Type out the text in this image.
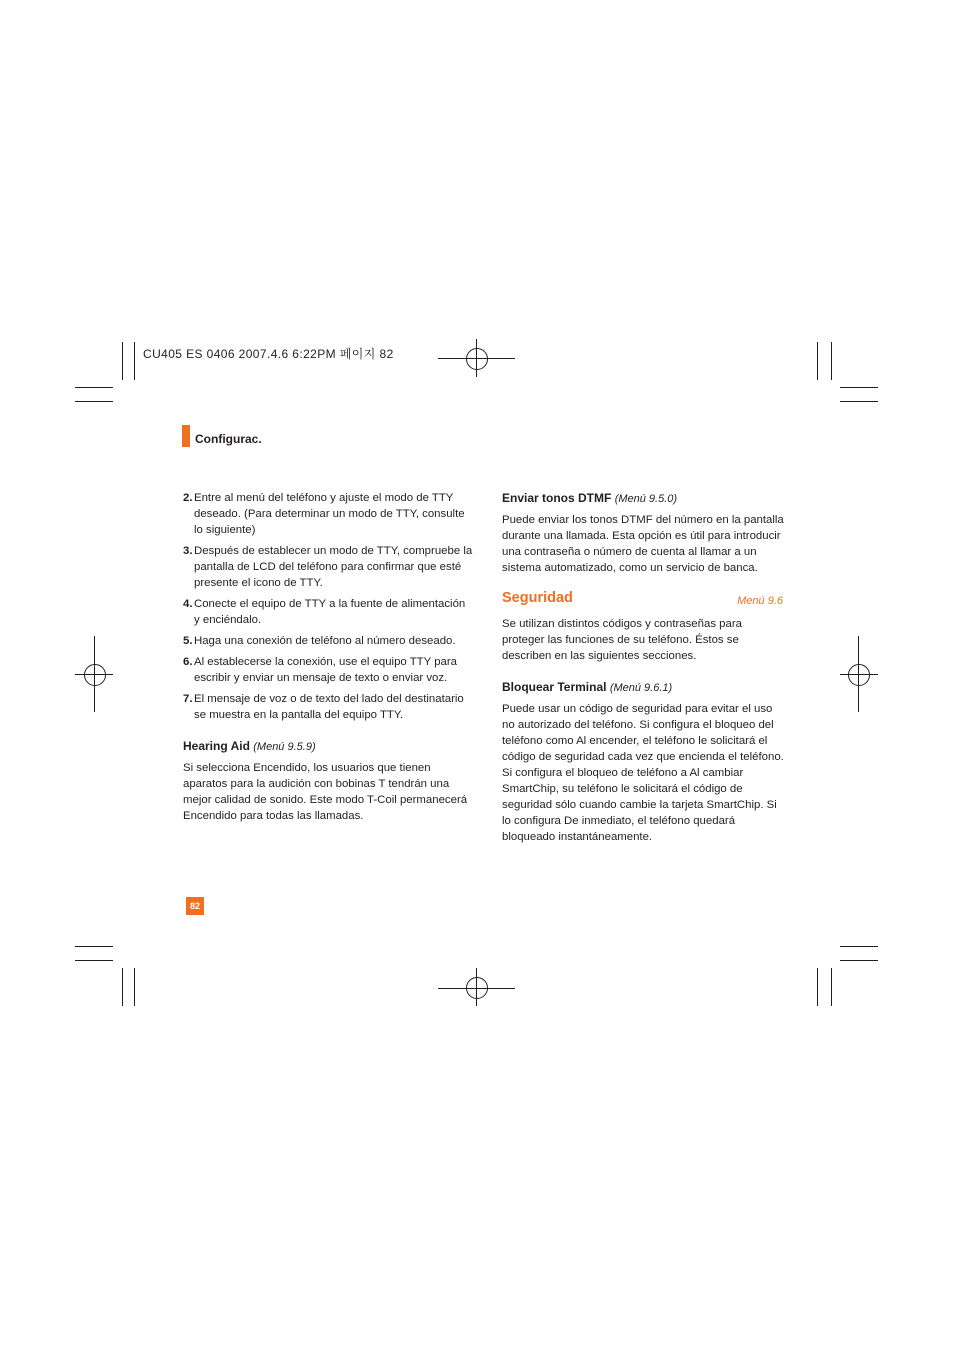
CU405 ES 0406 2007.4.6 6:22PM 페이지 82
Configurac.
2. Entre al menú del teléfono y ajuste el modo de TTY deseado. (Para determinar un modo de TTY, consulte lo siguiente)
3. Después de establecer un modo de TTY, compruebe la pantalla de LCD del teléfono para confirmar que esté presente el icono de TTY.
4. Conecte el equipo de TTY a la fuente de alimentación y enciéndalo.
5. Haga una conexión de teléfono al número deseado.
6. Al establecerse la conexión, use el equipo TTY para escribir y enviar un mensaje de texto o enviar voz.
7. El mensaje de voz o de texto del lado del destinatario se muestra en la pantalla del equipo TTY.
Hearing Aid (Menú 9.5.9)

Si selecciona Encendido, los usuarios que tienen aparatos para la audición con bobinas T tendrán una mejor calidad de sonido. Este modo T-Coil permanecerá Encendido para todas las llamadas.

Enviar tonos DTMF (Menú 9.5.0)

Puede enviar los tonos DTMF del número en la pantalla durante una llamada. Esta opción es útil para introducir una contraseña o número de cuenta al llamar a un sistema automatizado, como un servicio de banca.

Seguridad	Menú 9.6

Se utilizan distintos códigos y contraseñas para proteger las funciones de su teléfono. Éstos se describen en las siguientes secciones.

Bloquear Terminal (Menú 9.6.1)

Puede usar un código de seguridad para evitar el uso no autorizado del teléfono. Si configura el bloqueo del teléfono como Al encender, el teléfono le solicitará el código de seguridad cada vez que encienda el teléfono. Si configura el bloqueo de teléfono a Al cambiar SmartChip, su teléfono le solicitará el código de seguridad sólo cuando cambie la tarjeta SmartChip. Si lo configura De inmediato, el teléfono quedará bloqueado instantáneamente.

82
